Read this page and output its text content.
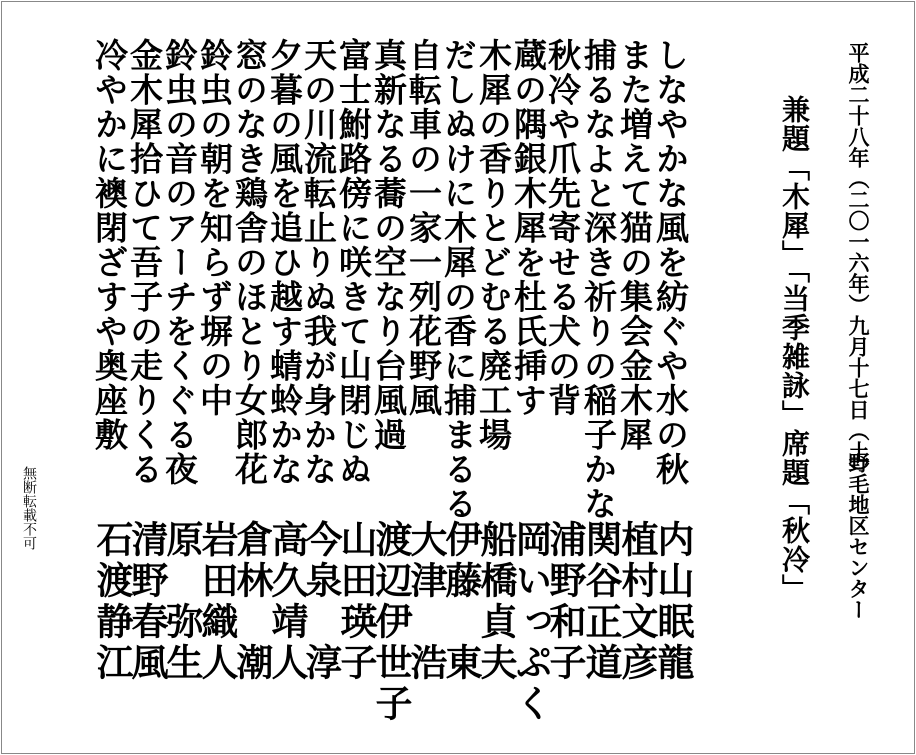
平成二十八年（二〇一六年）九月十七日（土）
野毛地区センター
兼題「木犀」「当季雑詠」席題「秋冷」
無断転載不可
しなやかな風を紡ぐや水の秋
また増えて猫の集会金木犀
捕るなよと深き祈りの稲子かな
秋冷や爪先寄せる犬の背
蔵の隅銀木犀を杜氏挿す
木犀の香りとどむる廃工場
だしぬけに木犀の香に捕まるる
自転車の一家一列花野風
真新なる蕎の空なり台風過
富士鮒路傍に咲きて山閉じぬ
天の川流転止りぬ我が身かな
夕暮の風を追ひ越す蜻蛉かな
窓のなき鶏舎のほとり女郎花
鈴虫の朝を知らず塀の中
鈴虫の音のアーチをくぐる夜
金木犀拾ひて吾子の走りくる
冷やかに襖閉ざすや奥座敷
内山眠龍
植村文彦
関谷正道
浦野和子
岡いっぷく
船橋貞夫
伊藤　東
大津　浩
渡辺伊世子
山田瑛子
今泉　淳
高久靖人
倉林　潮
岩田織人
原　弥生
清野春風
石渡静江
